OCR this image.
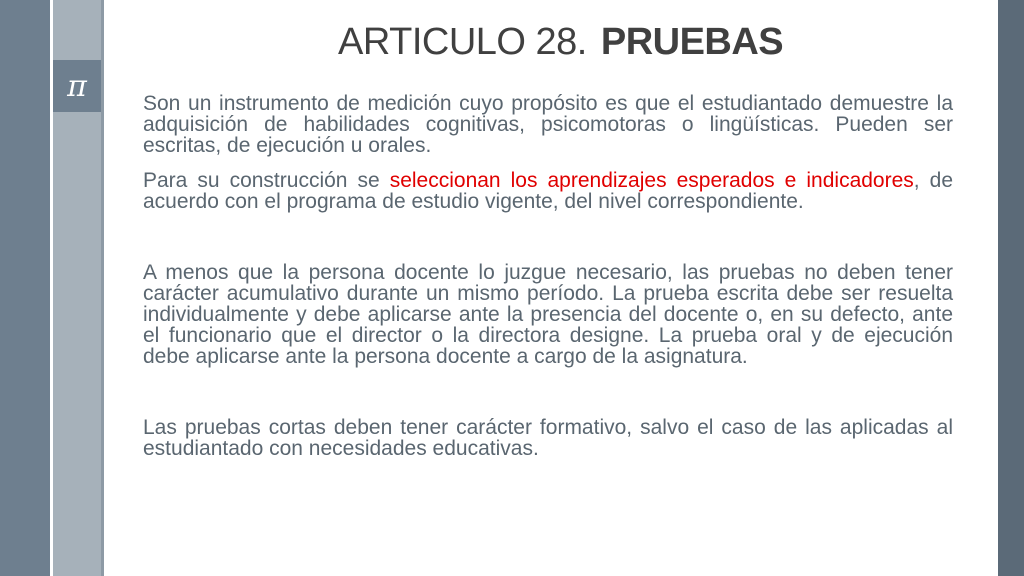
π
ARTICULO 28. PRUEBAS

Son un instrumento de medición cuyo propósito es que el estudiantado demuestre la adquisición de habilidades cognitivas, psicomotoras o lingüísticas. Pueden ser escritas, de ejecución u orales.

Para su construcción se seleccionan los aprendizajes esperados e indicadores, de acuerdo con el programa de estudio vigente, del nivel correspondiente.

A menos que la persona docente lo juzgue necesario, las pruebas no deben tener carácter acumulativo durante un mismo período. La prueba escrita debe ser resuelta individualmente y debe aplicarse ante la presencia del docente o, en su defecto, ante el funcionario que el director o la directora designe. La prueba oral y de ejecución debe aplicarse ante la persona docente a cargo de la asignatura.

Las pruebas cortas deben tener carácter formativo, salvo el caso de las aplicadas al estudiantado con necesidades educativas.
